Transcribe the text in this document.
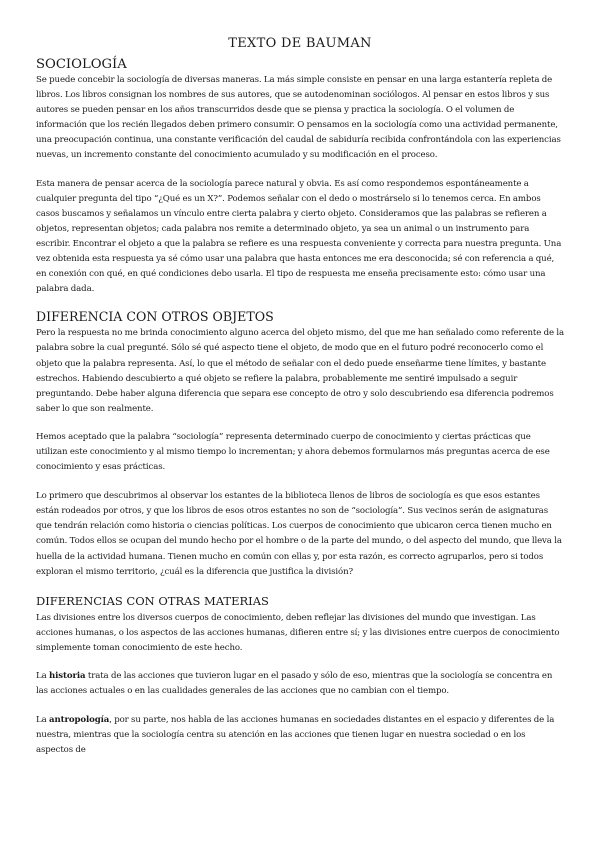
TEXTO DE BAUMAN
SOCIOLOGÍA

Se puede concebir la sociología de diversas maneras. La más simple consiste en pensar en una larga estantería repleta de libros. Los libros consignan los nombres de sus autores, que se autodenominan sociólogos. Al pensar en estos libros y sus autores se pueden pensar en los años transcurridos desde que se piensa y practica la sociología. O el volumen de información que los recién llegados deben primero consumir. O pensamos en la sociología como una actividad permanente, una preocupación continua, una constante verificación del caudal de sabiduría recibida confrontándola con las experiencias nuevas, un incremento constante del conocimiento acumulado y su modificación en el proceso.

Esta manera de pensar acerca de la sociología parece natural y obvia. Es así como respondemos espontáneamente a cualquier pregunta del tipo “¿Qué es un X?”. Podemos señalar con el dedo o mostrárselo si lo tenemos cerca. En ambos casos buscamos y señalamos un vínculo entre cierta palabra y cierto objeto. Consideramos que las palabras se refieren a objetos, representan objetos; cada palabra nos remite a determinado objeto, ya sea un animal o un instrumento para escribir. Encontrar el objeto a que la palabra se refiere es una respuesta conveniente y correcta para nuestra pregunta. Una vez obtenida esta respuesta ya sé cómo usar una palabra que hasta entonces me era desconocida; sé con referencia a qué, en conexión con qué, en qué condiciones debo usarla. El tipo de respuesta me enseña precisamente esto: cómo usar una palabra dada.

DIFERENCIA CON OTROS OBJETOS

Pero la respuesta no me brinda conocimiento alguno acerca del objeto mismo, del que me han señalado como referente de la palabra sobre la cual pregunté. Sólo sé qué aspecto tiene el objeto, de modo que en el futuro podré reconocerlo como el objeto que la palabra representa. Así, lo que el método de señalar con el dedo puede enseñarme tiene límites, y bastante estrechos. Habiendo descubierto a qué objeto se refiere la palabra, probablemente me sentiré impulsado a seguir preguntando. Debe haber alguna diferencia que separa ese concepto de otro y solo descubriendo esa diferencia podremos saber lo que son realmente.

Hemos aceptado que la palabra “sociología” representa determinado cuerpo de conocimiento y ciertas prácticas que utilizan este conocimiento y al mismo tiempo lo incrementan; y ahora debemos formularnos más preguntas acerca de ese conocimiento y esas prácticas.

Lo primero que descubrimos al observar los estantes de la biblioteca llenos de libros de sociología es que esos estantes están rodeados por otros, y que los libros de esos otros estantes no son de “sociología”. Sus vecinos serán de asignaturas que tendrán relación como historia o ciencias políticas. Los cuerpos de conocimiento que ubicaron cerca tienen mucho en común. Todos ellos se ocupan del mundo hecho por el hombre o de la parte del mundo, o del aspecto del mundo, que lleva la huella de la actividad humana. Tienen mucho en común con ellas y, por esta razón, es correcto agruparlos, pero si todos exploran el mismo territorio, ¿cuál es la diferencia que justifica la división?

DIFERENCIAS CON OTRAS MATERIAS

Las divisiones entre los diversos cuerpos de conocimiento, deben reflejar las divisiones del mundo que investigan. Las acciones humanas, o los aspectos de las acciones humanas, difieren entre sí; y las divisiones entre cuerpos de conocimiento simplemente toman conocimiento de este hecho.

La historia trata de las acciones que tuvieron lugar en el pasado y sólo de eso, mientras que la sociología se concentra en las acciones actuales o en las cualidades generales de las acciones que no cambian con el tiempo.

La antropología, por su parte, nos habla de las acciones humanas en sociedades distantes en el espacio y diferentes de la nuestra, mientras que la sociología centra su atención en las acciones que tienen lugar en nuestra sociedad o en los aspectos de
